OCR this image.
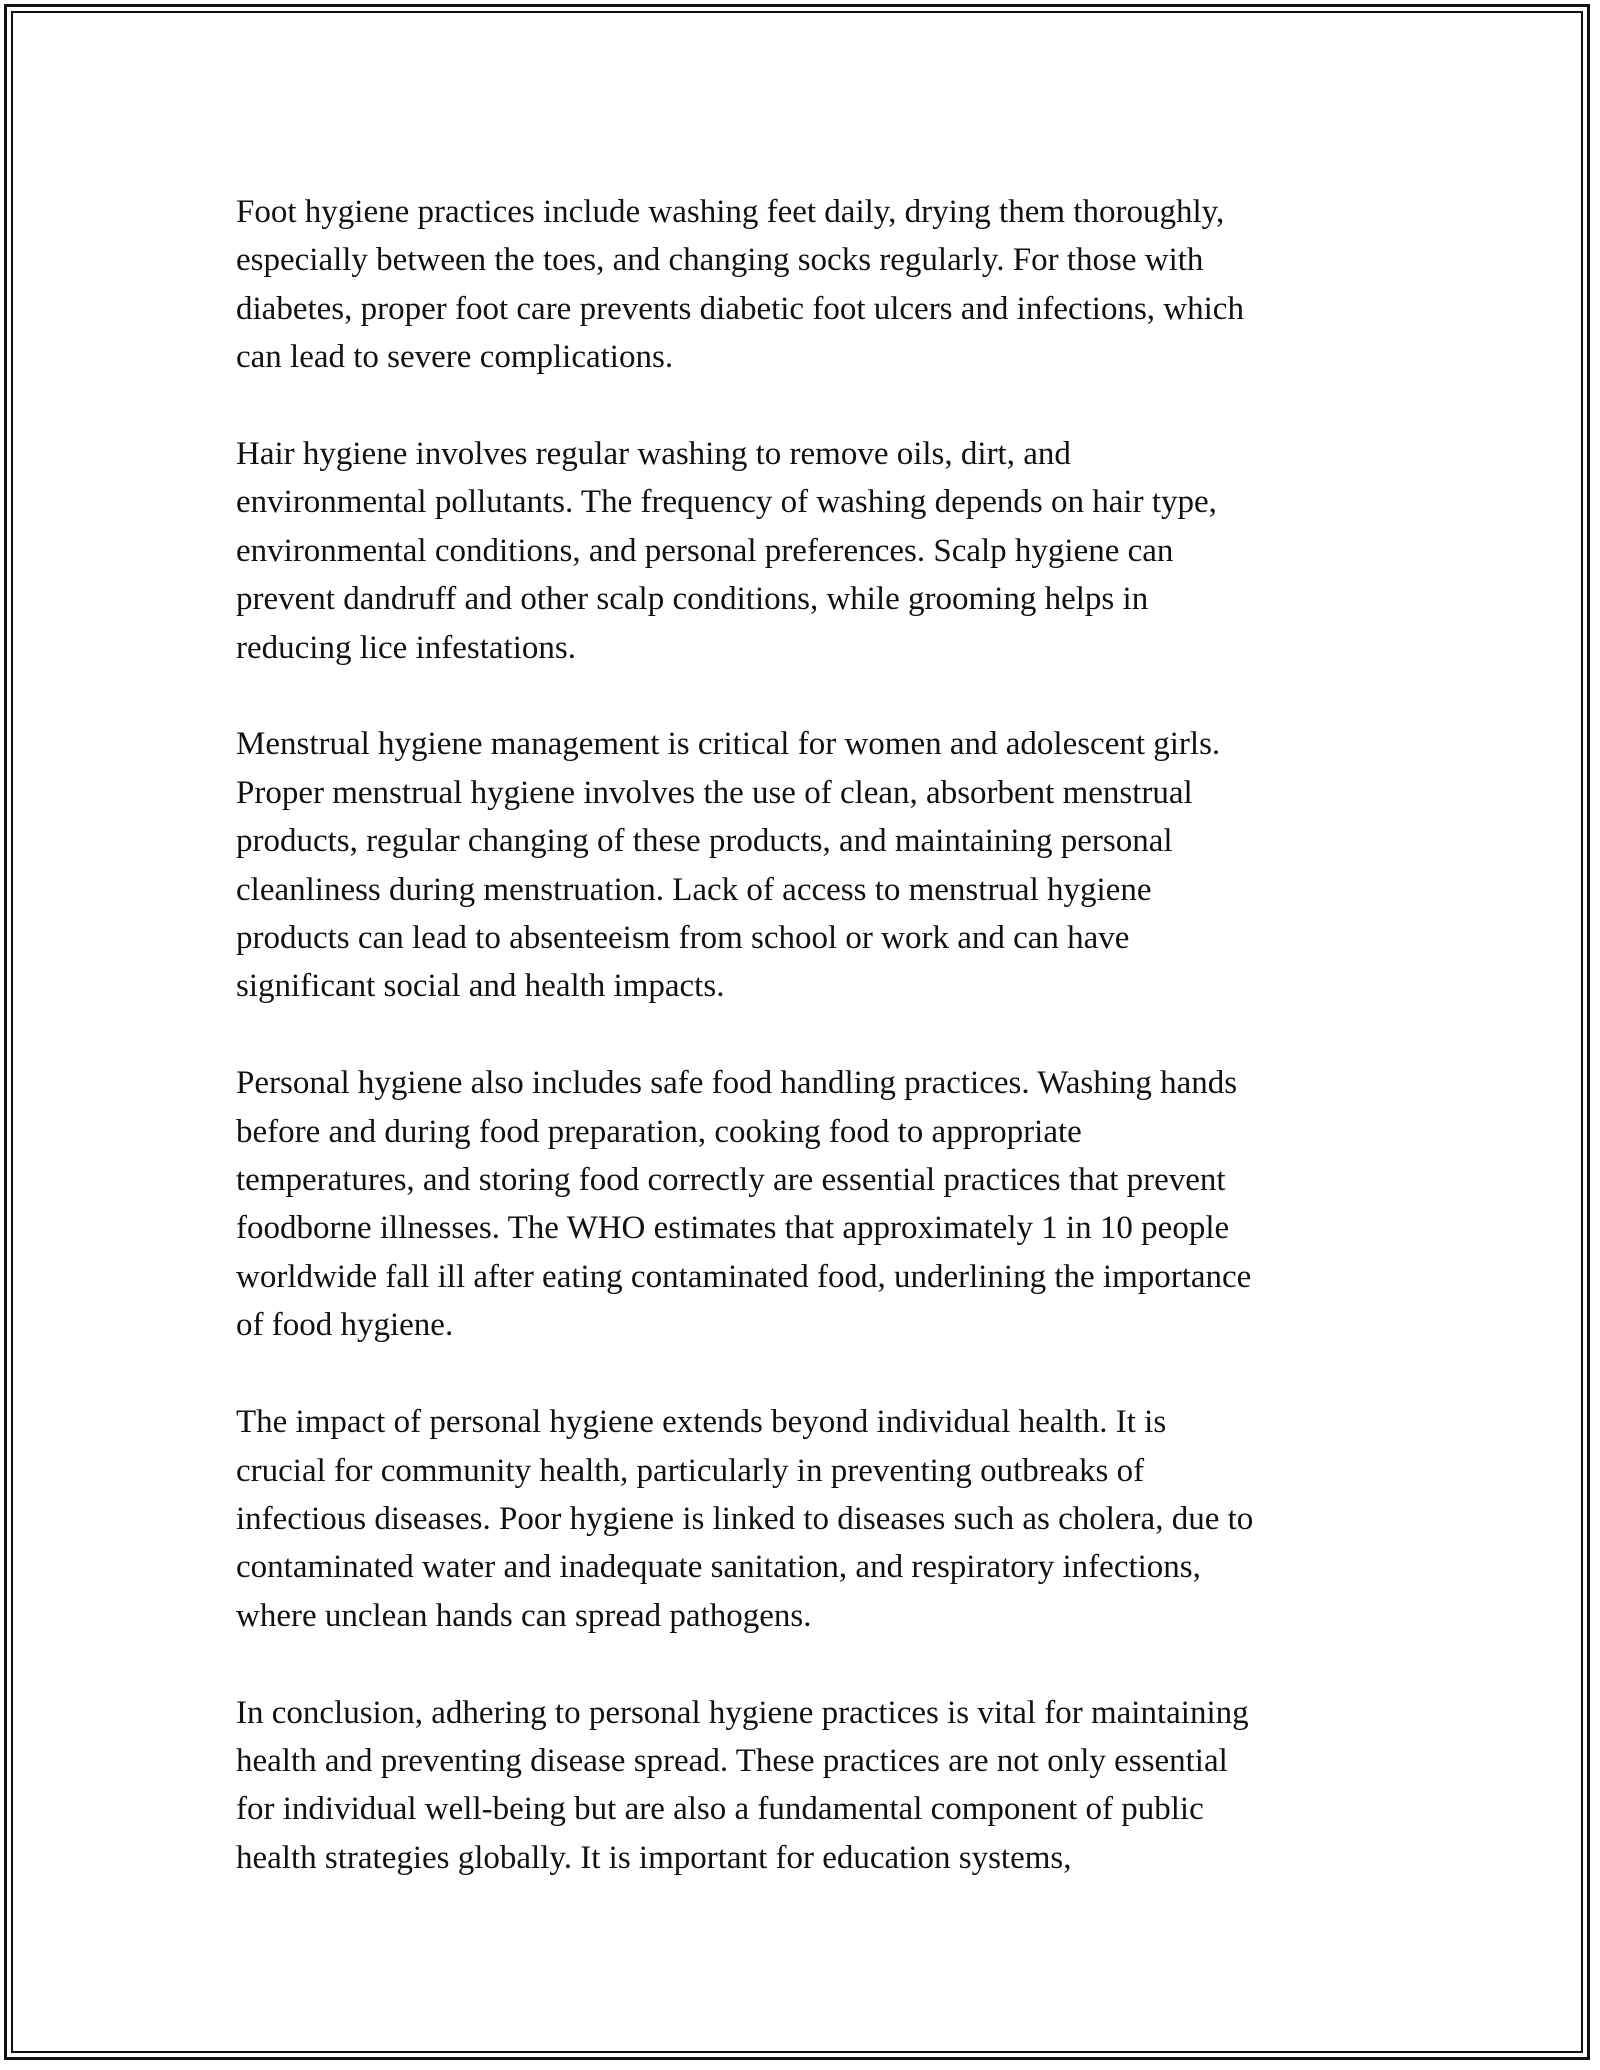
Foot hygiene practices include washing feet daily, drying them thoroughly,
especially between the toes, and changing socks regularly. For those with
diabetes, proper foot care prevents diabetic foot ulcers and infections, which
can lead to severe complications.

Hair hygiene involves regular washing to remove oils, dirt, and
environmental pollutants. The frequency of washing depends on hair type,
environmental conditions, and personal preferences. Scalp hygiene can
prevent dandruff and other scalp conditions, while grooming helps in
reducing lice infestations.

Menstrual hygiene management is critical for women and adolescent girls.
Proper menstrual hygiene involves the use of clean, absorbent menstrual
products, regular changing of these products, and maintaining personal
cleanliness during menstruation. Lack of access to menstrual hygiene
products can lead to absenteeism from school or work and can have
significant social and health impacts.

Personal hygiene also includes safe food handling practices. Washing hands
before and during food preparation, cooking food to appropriate
temperatures, and storing food correctly are essential practices that prevent
foodborne illnesses. The WHO estimates that approximately 1 in 10 people
worldwide fall ill after eating contaminated food, underlining the importance
of food hygiene.

The impact of personal hygiene extends beyond individual health. It is
crucial for community health, particularly in preventing outbreaks of
infectious diseases. Poor hygiene is linked to diseases such as cholera, due to
contaminated water and inadequate sanitation, and respiratory infections,
where unclean hands can spread pathogens.

In conclusion, adhering to personal hygiene practices is vital for maintaining
health and preventing disease spread. These practices are not only essential
for individual well-being but are also a fundamental component of public
health strategies globally. It is important for education systems,
